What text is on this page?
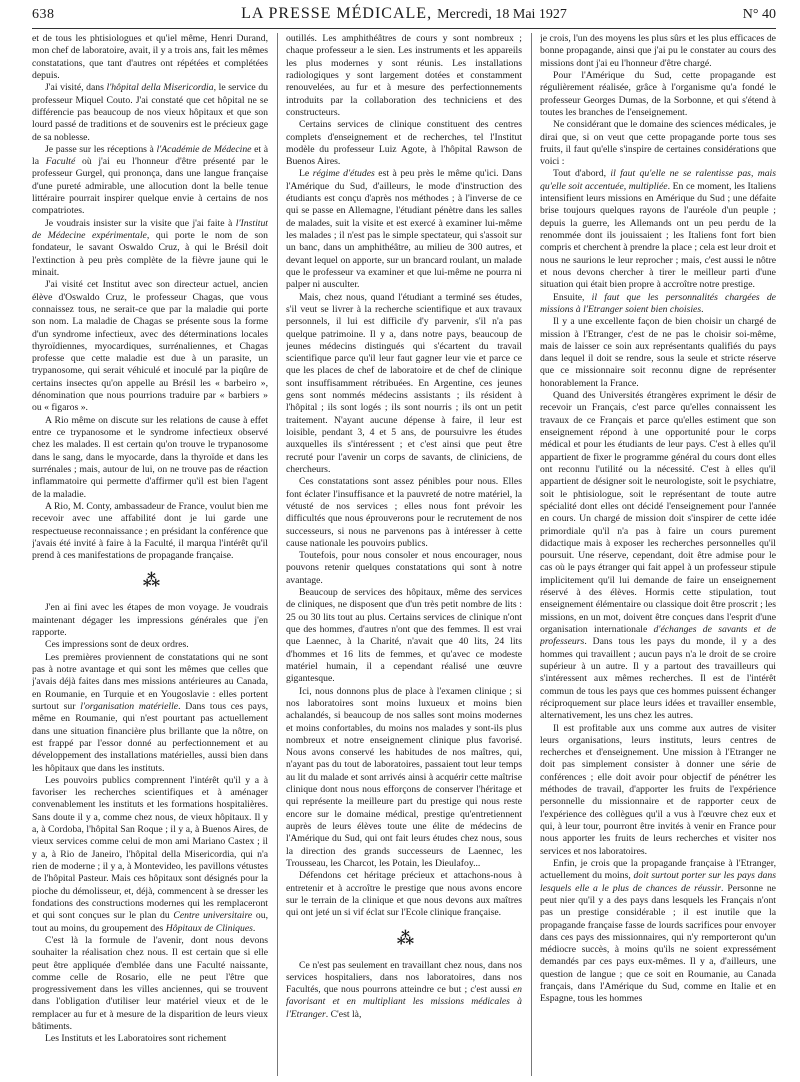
638	LA PRESSE MÉDICALE, Mercredi, 18 Mai 1927	N° 40

et de tous les phtisiologues et qu'iel même, Henri Durand, mon chef de laboratoire, avait, il y a trois ans, fait les mêmes constatations, que tant d'autres ont répétées et complétées depuis.

J'ai visité, dans l'hôpital della Misericordia, le service du professeur Miquel Couto. J'ai constaté que cet hôpital ne se différencie pas beaucoup de nos vieux hôpitaux et que son lourd passé de traditions et de souvenirs est le précieux gage de sa noblesse.

Je passe sur les réceptions à l'Académie de Médecine et à la Faculté où j'ai eu l'honneur d'être présenté par le professeur Gurgel, qui prononça, dans une langue française d'une pureté admirable, une allocution dont la belle tenue littéraire pourrait inspirer quelque envie à certains de nos compatriotes.

Je voudrais insister sur la visite que j'ai faite à l'Institut de Médecine expérimentale, qui porte le nom de son fondateur, le savant Oswaldo Cruz, à qui le Brésil doit l'extinction à peu près complète de la fièvre jaune qui le minait.

J'ai visité cet Institut avec son directeur actuel, ancien élève d'Oswaldo Cruz, le professeur Chagas, que vous connaissez tous, ne serait-ce que par la maladie qui porte son nom. La maladie de Chagas se présente sous la forme d'un syndrome infectieux, avec des déterminations locales thyroïdiennes, myocardiques, surrénaliennes, et Chagas professe que cette maladie est due à un parasite, un trypanosome, qui serait véhiculé et inoculé par la piqûre de certains insectes qu'on appelle au Brésil les « barbeiro », dénomination que nous pourrions traduire par « barbiers » ou « figaros ».

A Rio même on discute sur les relations de cause à effet entre ce trypanosome et le syndrome infectieux observé chez les malades. Il est certain qu'on trouve le trypanosome dans le sang, dans le myocarde, dans la thyroïde et dans les surrénales ; mais, autour de lui, on ne trouve pas de réaction inflammatoire qui permette d'affirmer qu'il est bien l'agent de la maladie.

A Rio, M. Conty, ambassadeur de France, voulut bien me recevoir avec une affabilité dont je lui garde une respectueuse reconnaissance ; en présidant la conférence que j'avais été invité à faire à la Faculté, il marqua l'intérêt qu'il prend à ces manifestations de propagande française.

⁂

J'en ai fini avec les étapes de mon voyage. Je voudrais maintenant dégager les impressions générales que j'en rapporte.

Ces impressions sont de deux ordres.

Les premières proviennent de constatations qui ne sont pas à notre avantage et qui sont les mêmes que celles que j'avais déjà faites dans mes missions antérieures au Canada, en Roumanie, en Turquie et en Yougoslavie : elles portent surtout sur l'organisation matérielle. Dans tous ces pays, même en Roumanie, qui n'est pourtant pas actuellement dans une situation financière plus brillante que la nôtre, on est frappé par l'essor donné au perfectionnement et au développement des installations matérielles, aussi bien dans les hôpitaux que dans les instituts.

Les pouvoirs publics comprennent l'intérêt qu'il y a à favoriser les recherches scientifiques et à aménager convenablement les instituts et les formations hospitalières. Sans doute il y a, comme chez nous, de vieux hôpitaux. Il y a, à Cordoba, l'hôpital San Roque ; il y a, à Buenos Aires, de vieux services comme celui de mon ami Mariano Castex ; il y a, à Rio de Janeiro, l'hôpital della Misericordia, qui n'a rien de moderne ; il y a, à Montevideo, les pavillons vétustes de l'hôpital Pasteur. Mais ces hôpitaux sont désignés pour la pioche du démolisseur, et, déjà, commencent à se dresser les fondations des constructions modernes qui les remplaceront et qui sont conçues sur le plan du Centre universitaire ou, tout au moins, du groupement des Hôpitaux de Cliniques.

C'est là la formule de l'avenir, dont nous devons souhaiter la réalisation chez nous. Il est certain que si elle peut être appliquée d'emblée dans une Faculté naissante, comme celle de Rosario, elle ne peut l'être que progressivement dans les villes anciennes, qui se trouvent dans l'obligation d'utiliser leur matériel vieux et de le remplacer au fur et à mesure de la disparition de leurs vieux bâtiments.

Les Instituts et les Laboratoires sont richement

outillés. Les amphithéâtres de cours y sont nombreux ; chaque professeur a le sien. Les instruments et les appareils les plus modernes y sont réunis. Les installations radiologiques y sont largement dotées et constamment renouvelées, au fur et à mesure des perfectionnements introduits par la collaboration des techniciens et des constructeurs.

Certains services de clinique constituent des centres complets d'enseignement et de recherches, tel l'Institut modèle du professeur Luiz Agote, à l'hôpital Rawson de Buenos Aires.

Le régime d'études est à peu près le même qu'ici. Dans l'Amérique du Sud, d'ailleurs, le mode d'instruction des étudiants est conçu d'après nos méthodes ; à l'inverse de ce qui se passe en Allemagne, l'étudiant pénètre dans les salles de malades, suit la visite et est exercé à examiner lui-même les malades ; il n'est pas le simple spectateur, qui s'assoit sur un banc, dans un amphithéâtre, au milieu de 300 autres, et devant lequel on apporte, sur un brancard roulant, un malade que le professeur va examiner et que lui-même ne pourra ni palper ni ausculter.

Mais, chez nous, quand l'étudiant a terminé ses études, s'il veut se livrer à la recherche scientifique et aux travaux personnels, il lui est difficile d'y parvenir, s'il n'a pas quelque patrimoine. Il y a, dans notre pays, beaucoup de jeunes médecins distingués qui s'écartent du travail scientifique parce qu'il leur faut gagner leur vie et parce ce que les places de chef de laboratoire et de chef de clinique sont insuffisamment rétribuées. En Argentine, ces jeunes gens sont nommés médecins assistants ; ils résident à l'hôpital ; ils sont logés ; ils sont nourris ; ils ont un petit traitement. N'ayant aucune dépense à faire, il leur est loisible, pendant 3, 4 et 5 ans, de poursuivre les études auxquelles ils s'intéressent ; et c'est ainsi que peut être recruté pour l'avenir un corps de savants, de cliniciens, de chercheurs.

Ces constatations sont assez pénibles pour nous. Elles font éclater l'insuffisance et la pauvreté de notre matériel, la vétusté de nos services ; elles nous font prévoir les difficultés que nous éprouverons pour le recrutement de nos successeurs, si nous ne parvenons pas à intéresser à cette cause nationale les pouvoirs publics.

Toutefois, pour nous consoler et nous encourager, nous pouvons retenir quelques constatations qui sont à notre avantage.

Beaucoup de services des hôpitaux, même des services de cliniques, ne disposent que d'un très petit nombre de lits : 25 ou 30 lits tout au plus. Certains services de clinique n'ont que des hommes, d'autres n'ont que des femmes. Il est vrai que Laennec, à la Charité, n'avait que 40 lits, 24 lits d'hommes et 16 lits de femmes, et qu'avec ce modeste matériel humain, il a cependant réalisé une œuvre gigantesque.

Ici, nous donnons plus de place à l'examen clinique ; si nos laboratoires sont moins luxueux et moins bien achalandés, si beaucoup de nos salles sont moins modernes et moins confortables, du moins nos malades y sont-ils plus nombreux et notre enseignement clinique plus favorisé. Nous avons conservé les habitudes de nos maîtres, qui, n'ayant pas du tout de laboratoires, passaient tout leur temps au lit du malade et sont arrivés ainsi à acquérir cette maîtrise clinique dont nous nous efforçons de conserver l'héritage et qui représente la meilleure part du prestige qui nous reste encore sur le domaine médical, prestige qu'entretiennent auprès de leurs élèves toute une élite de médecins de l'Amérique du Sud, qui ont fait leurs études chez nous, sous la direction des grands successeurs de Laennec, les Trousseau, les Charcot, les Potain, les Dieulafoy...

Défendons cet héritage précieux et attachons-nous à entretenir et à accroître le prestige que nous avons encore sur le terrain de la clinique et que nous devons aux maîtres qui ont jeté un si vif éclat sur l'Ecole clinique française.

⁂

Ce n'est pas seulement en travaillant chez nous, dans nos services hospitaliers, dans nos laboratoires, dans nos Facultés, que nous pourrons atteindre ce but ; c'est aussi en favorisant et en multipliant les missions médicales à l'Etranger. C'est là,

je crois, l'un des moyens les plus sûrs et les plus efficaces de bonne propagande, ainsi que j'ai pu le constater au cours des missions dont j'ai eu l'honneur d'être chargé.

Pour l'Amérique du Sud, cette propagande est régulièrement réalisée, grâce à l'organisme qu'a fondé le professeur Georges Dumas, de la Sorbonne, et qui s'étend à toutes les branches de l'enseignement.

Ne considérant que le domaine des sciences médicales, je dirai que, si on veut que cette propagande porte tous ses fruits, il faut qu'elle s'inspire de certaines considérations que voici :

Tout d'abord, il faut qu'elle ne se ralentisse pas, mais qu'elle soit accentuée, multipliée. En ce moment, les Italiens intensifient leurs missions en Amérique du Sud ; une défaite brise toujours quelques rayons de l'auréole d'un peuple ; depuis la guerre, les Allemands ont un peu perdu de la renommée dont ils jouissaient ; les Italiens font fort bien compris et cherchent à prendre la place ; cela est leur droit et nous ne saurions le leur reprocher ; mais, c'est aussi le nôtre et nous devons chercher à tirer le meilleur parti d'une situation qui était bien propre à accroître notre prestige.

Ensuite, il faut que les personnalités chargées de missions à l'Etranger soient bien choisies.

Il y a une excellente façon de bien choisir un chargé de mission à l'Etranger, c'est de ne pas le choisir soi-même, mais de laisser ce soin aux représentants qualifiés du pays dans lequel il doit se rendre, sous la seule et stricte réserve que ce missionnaire soit reconnu digne de représenter honorablement la France.

Quand des Universités étrangères expriment le désir de recevoir un Français, c'est parce qu'elles connaissent les travaux de ce Français et parce qu'elles estiment que son enseignement répond à une opportunité pour le corps médical et pour les étudiants de leur pays. C'est à elles qu'il appartient de fixer le programme général du cours dont elles ont reconnu l'utilité ou la nécessité. C'est à elles qu'il appartient de désigner soit le neurologiste, soit le psychiatre, soit le phtisiologue, soit le représentant de toute autre spécialité dont elles ont décidé l'enseignement pour l'année en cours. Un chargé de mission doit s'inspirer de cette idée primordiale qu'il n'a pas à faire un cours purement didactique mais à exposer les recherches personnelles qu'il poursuit. Une réserve, cependant, doit être admise pour le cas où le pays étranger qui fait appel à un professeur stipule implicitement qu'il lui demande de faire un enseignement réservé à des élèves. Hormis cette stipulation, tout enseignement élémentaire ou classique doit être proscrit ; les missions, en un mot, doivent être conçues dans l'esprit d'une organisation internationale d'échanges de savants et de professeurs. Dans tous les pays du monde, il y a des hommes qui travaillent ; aucun pays n'a le droit de se croire supérieur à un autre. Il y a partout des travailleurs qui s'intéressent aux mêmes recherches. Il est de l'intérêt commun de tous les pays que ces hommes puissent échanger réciproquement sur place leurs idées et travailler ensemble, alternativement, les uns chez les autres.

Il est profitable aux uns comme aux autres de visiter leurs organisations, leurs instituts, leurs centres de recherches et d'enseignement. Une mission à l'Etranger ne doit pas simplement consister à donner une série de conférences ; elle doit avoir pour objectif de pénétrer les méthodes de travail, d'apporter les fruits de l'expérience personnelle du missionnaire et de rapporter ceux de l'expérience des collègues qu'il a vus à l'œuvre chez eux et qui, à leur tour, pourront être invités à venir en France pour nous apporter les fruits de leurs recherches et visiter nos services et nos laboratoires.

Enfin, je crois que la propagande française à l'Etranger, actuellement du moins, doit surtout porter sur les pays dans lesquels elle a le plus de chances de réussir. Personne ne peut nier qu'il y a des pays dans lesquels les Français n'ont pas un prestige considérable ; il est inutile que la propagande française fasse de lourds sacrifices pour envoyer dans ces pays des missionnaires, qui n'y remporteront qu'un médiocre succès, à moins qu'ils ne soient expressément demandés par ces pays eux-mêmes. Il y a, d'ailleurs, une question de langue ; que ce soit en Roumanie, au Canada français, dans l'Amérique du Sud, comme en Italie et en Espagne, tous les hommes
